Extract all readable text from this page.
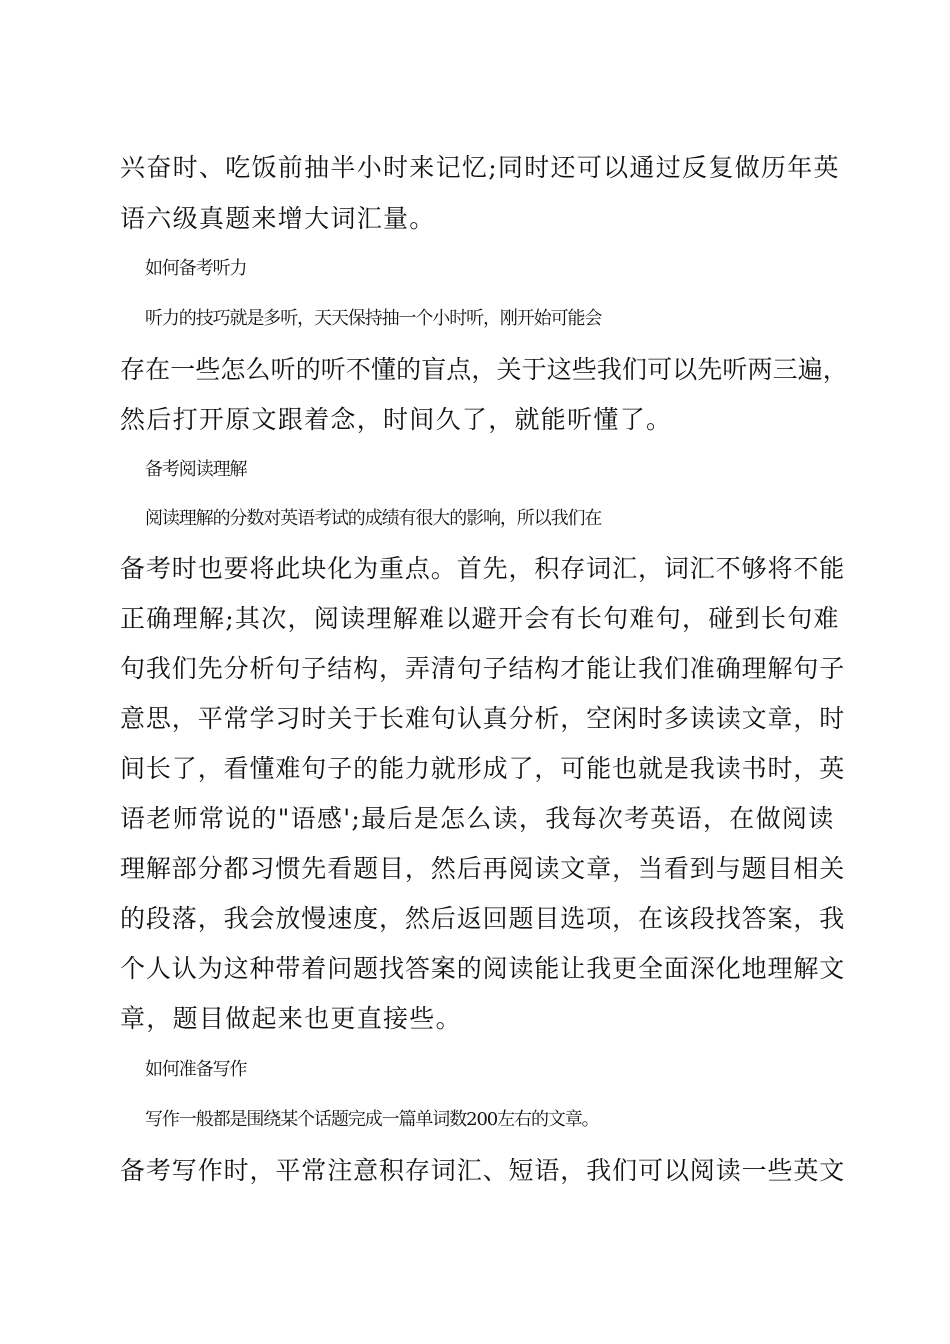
兴奋时、吃饭前抽半小时来记忆;同时还可以通过反复做历年英
语六级真题来增大词汇量。
如何备考听力
听力的技巧就是多听，天天保持抽一个小时听，刚开始可能会
存在一些怎么听的听不懂的盲点，关于这些我们可以先听两三遍，
然后打开原文跟着念，时间久了，就能听懂了。
备考阅读理解
阅读理解的分数对英语考试的成绩有很大的影响，所以我们在
备考时也要将此块化为重点。首先，积存词汇，词汇不够将不能
正确理解;其次，阅读理解难以避开会有长句难句，碰到长句难
句我们先分析句子结构，弄清句子结构才能让我们准确理解句子
意思，平常学习时关于长难句认真分析，空闲时多读读文章，时
间长了，看懂难句子的能力就形成了，可能也就是我读书时，英
语老师常说的"语感';最后是怎么读，我每次考英语，在做阅读
理解部分都习惯先看题目，然后再阅读文章，当看到与题目相关
的段落，我会放慢速度，然后返回题目选项，在该段找答案，我
个人认为这种带着问题找答案的阅读能让我更全面深化地理解文
章，题目做起来也更直接些。
如何准备写作
写作一般都是围绕某个话题完成一篇单词数200左右的文章。
备考写作时，平常注意积存词汇、短语，我们可以阅读一些英文
